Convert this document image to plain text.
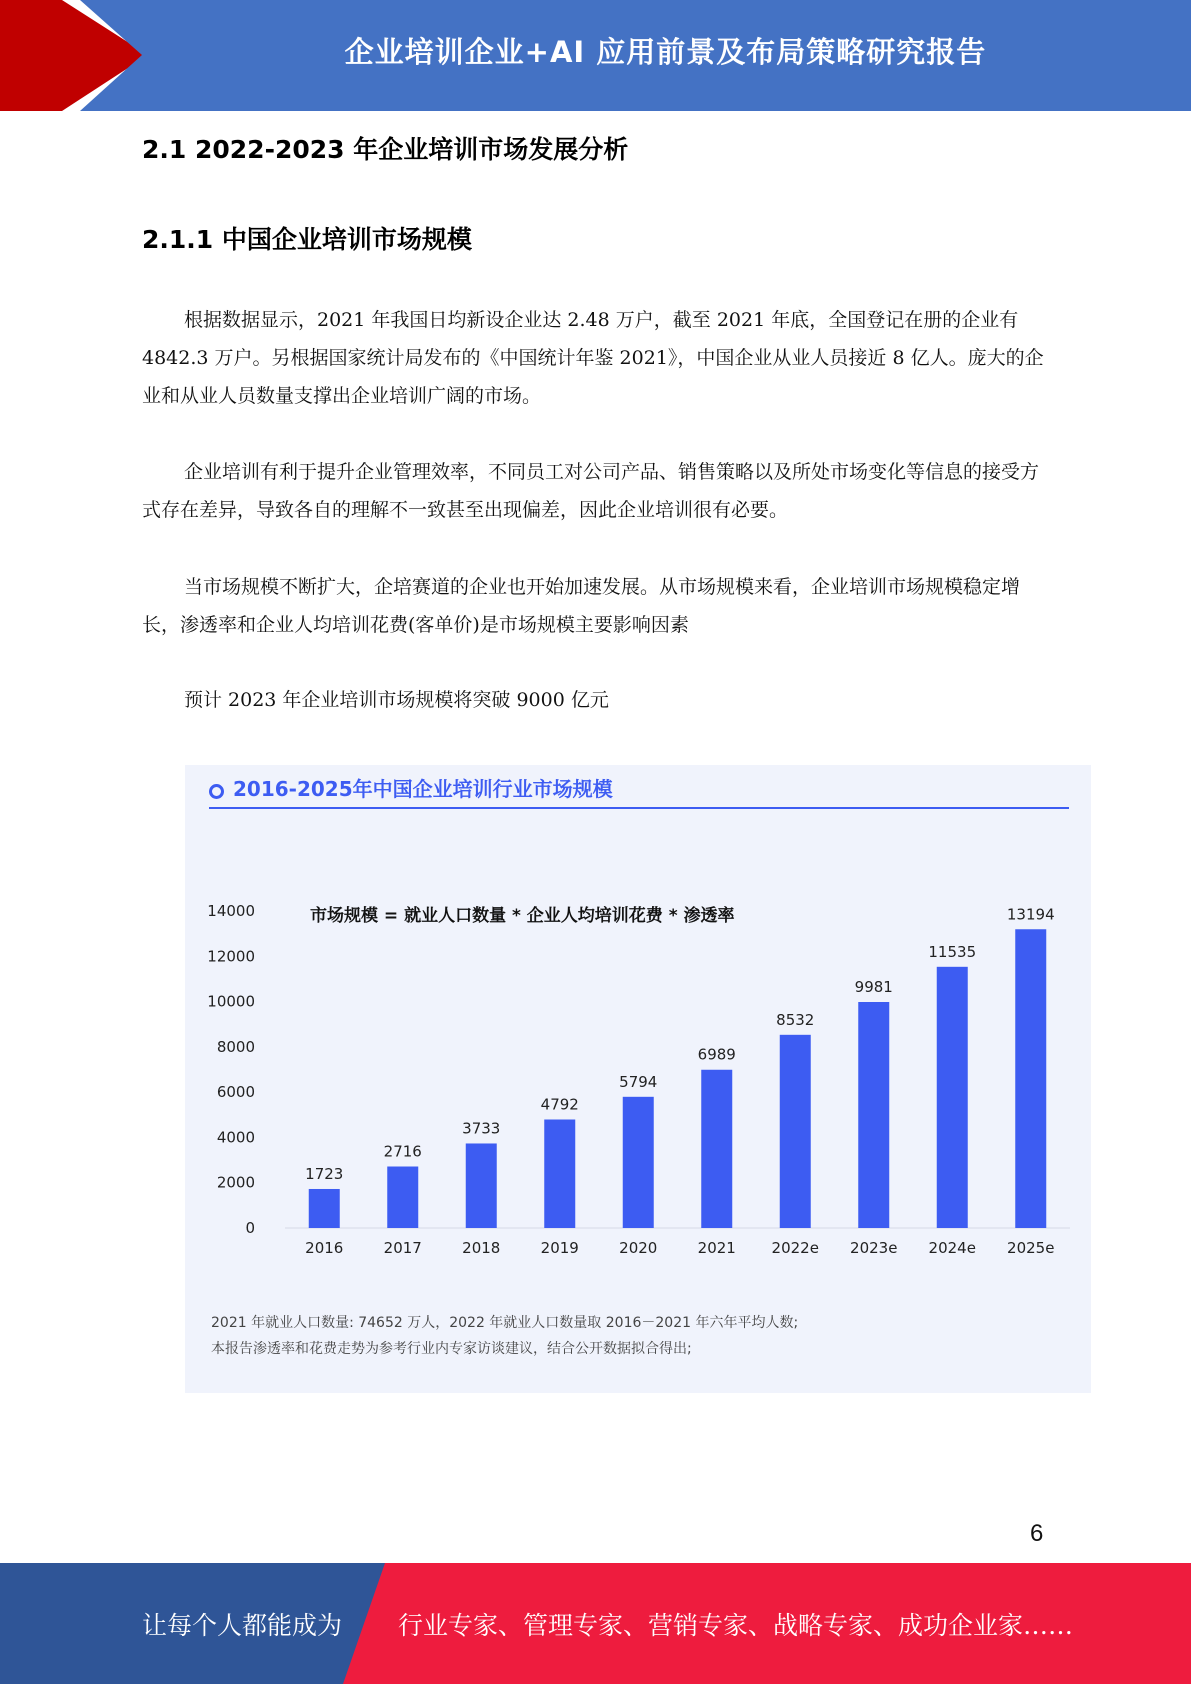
企业培训企业+AI 应用前景及布局策略研究报告
2.1 2022-2023 年企业培训市场发展分析
2.1.1 中国企业培训市场规模
根据数据显示，2021 年我国日均新设企业达 2.48 万户，截至 2021 年底，全国登记在册的企业有 4842.3 万户。另根据国家统计局发布的《中国统计年鉴 2021》，中国企业从业人员接近 8 亿人。庞大的企业和从业人员数量支撑出企业培训广阔的市场。
企业培训有利于提升企业管理效率，不同员工对公司产品、销售策略以及所处市场变化等信息的接受方式存在差异，导致各自的理解不一致甚至出现偏差，因此企业培训很有必要。
当市场规模不断扩大，企培赛道的企业也开始加速发展。从市场规模来看，企业培训市场规模稳定增长，渗透率和企业人均培训花费(客单价)是市场规模主要影响因素
预计 2023 年企业培训市场规模将突破 9000 亿元
2016-2025年中国企业培训行业市场规模
市场规模 = 就业人口数量 * 企业人均培训花费 * 渗透率
0
2000
4000
6000
8000
10000
12000
14000
1723
2016
2716
2017
3733
2018
4792
2019
5794
2020
6989
2021
8532
2022e
9981
2023e
11535
2024e
13194
2025e
2021 年就业人口数量: 74652 万人，2022 年就业人口数量取 2016－2021 年六年平均人数;
本报告渗透率和花费走势为参考行业内专家访谈建议，结合公开数据拟合得出;
6
让每个人都能成为 行业专家、管理专家、营销专家、战略专家、成功企业家……
